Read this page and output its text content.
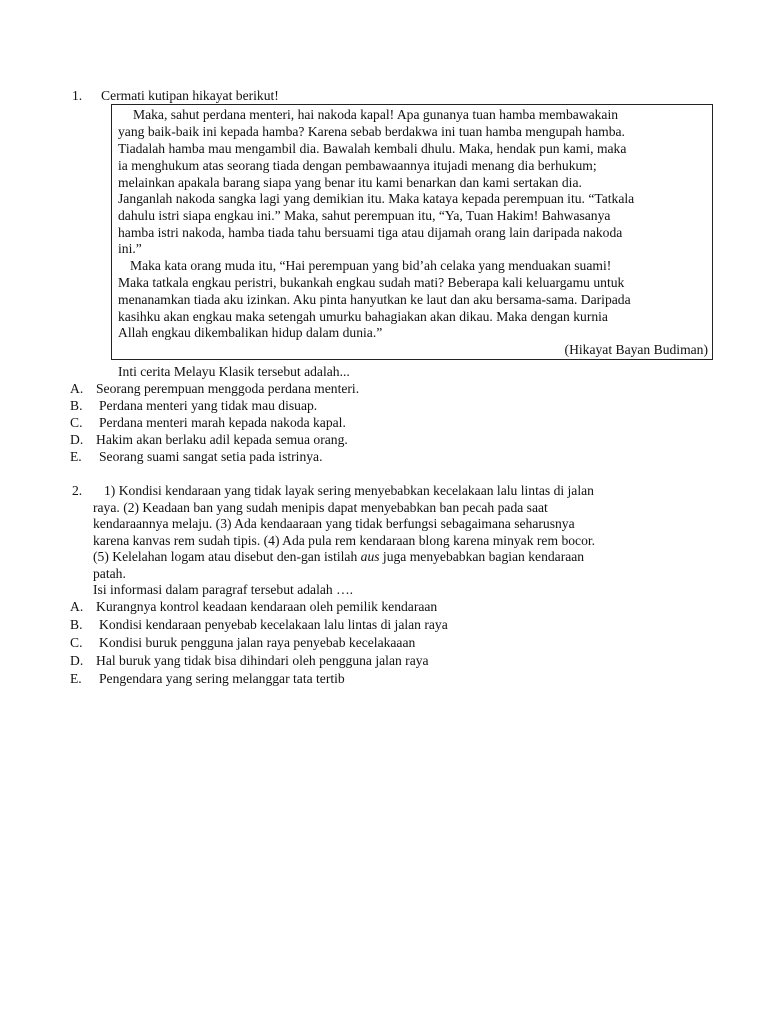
1. Cermati kutipan hikayat berikut!
Maka, sahut perdana menteri, hai nakoda kapal! Apa gunanya tuan hamba membawakain
yang baik-baik ini kepada hamba? Karena sebab berdakwa ini tuan hamba mengupah hamba.
Tiadalah hamba mau mengambil dia. Bawalah kembali dhulu. Maka, hendak pun kami, maka
ia menghukum atas seorang tiada dengan pembawaannya itujadi menang dia berhukum;
melainkan apakala barang siapa yang benar itu kami benarkan dan kami sertakan dia.
Janganlah nakoda sangka lagi yang demikian itu. Maka kataya kepada perempuan itu. “Tatkala
dahulu istri siapa engkau ini.” Maka, sahut perempuan itu, “Ya, Tuan Hakim! Bahwasanya
hamba istri nakoda, hamba tiada tahu bersuami tiga atau dijamah orang lain daripada nakoda
ini.”
Maka kata orang muda itu, “Hai perempuan yang bid’ah celaka yang menduakan suami!
Maka tatkala engkau peristri, bukankah engkau sudah mati? Beberapa kali keluargamu untuk
menanamkan tiada aku izinkan. Aku pinta hanyutkan ke laut dan aku bersama-sama. Daripada
kasihku akan engkau maka setengah umurku bahagiakan akan dikau. Maka dengan kurnia
Allah engkau dikembalikan hidup dalam dunia.”
(Hikayat Bayan Budiman)
Inti cerita Melayu Klasik tersebut adalah...
A. Seorang perempuan menggoda perdana menteri.
B. Perdana menteri yang tidak mau disuap.
C. Perdana menteri marah kepada nakoda kapal.
D. Hakim akan berlaku adil kepada semua orang.
E. Seorang suami sangat setia pada istrinya.
2. 1) Kondisi kendaraan yang tidak layak sering menyebabkan kecelakaan lalu lintas di jalan
raya. (2) Keadaan ban yang sudah menipis dapat menyebabkan ban pecah pada saat
kendaraannya melaju. (3) Ada kendaaraan yang tidak berfungsi sebagaimana seharusnya
karena kanvas rem sudah tipis. (4) Ada pula rem kendaraan blong karena minyak rem bocor.
(5) Kelelahan logam atau disebut den-gan istilah aus juga menyebabkan bagian kendaraan
patah.
Isi informasi dalam paragraf tersebut adalah ….
A. Kurangnya kontrol keadaan kendaraan oleh pemilik kendaraan
B. Kondisi kendaraan penyebab kecelakaan lalu lintas di jalan raya
C. Kondisi buruk pengguna jalan raya penyebab kecelakaaan
D. Hal buruk yang tidak bisa dihindari oleh pengguna jalan raya
E. Pengendara yang sering melanggar tata tertib
